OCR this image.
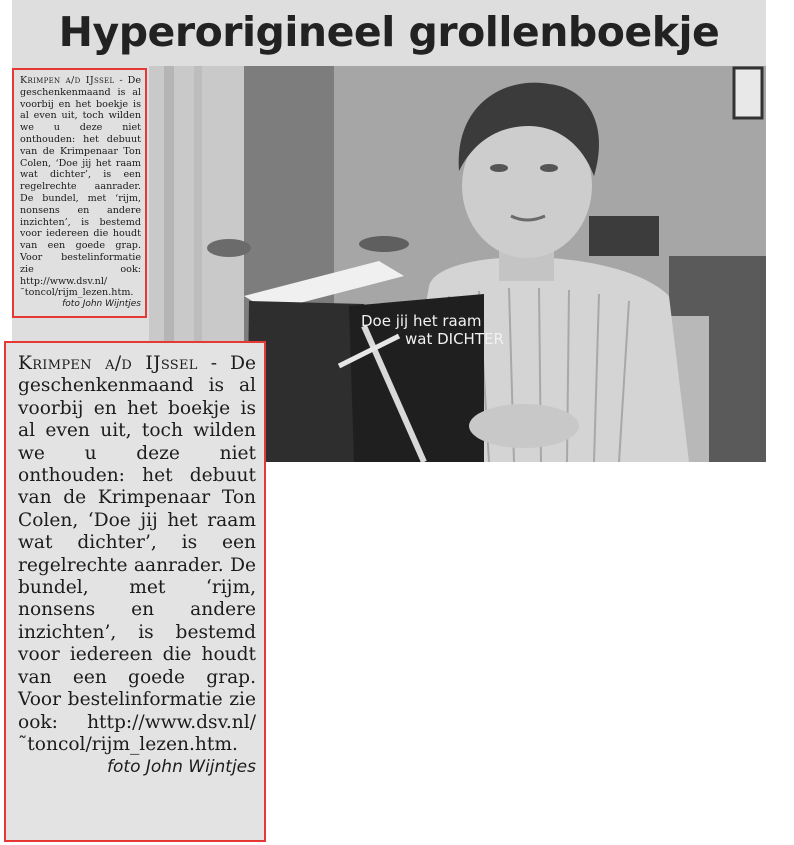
Hyperorigineel grollenboekje
Krimpen a/d IJssel - De geschenkenmaand is al voorbij en het boekje is al even uit, toch wilden we u deze niet onthouden: het debuut van de Krimpenaar Ton Colen, ‘Doe jij het raam wat dichter’, is een regelrechte aanrader. De bundel, met ‘rijm, nonsens en andere inzichten’, is bestemd voor iedereen die houdt van een goede grap. Voor bestelinformatie zie ook: http://www.dsv.nl/˜toncol/rijm_lezen.htm.
foto John Wijntjes
Doe jij het raam
wat DICHTER
Krimpen a/d IJssel - De geschenkenmaand is al voorbij en het boekje is al even uit, toch wilden we u deze niet onthouden: het debuut van de Krimpenaar Ton Colen, ‘Doe jij het raam wat dichter’, is een regelrechte aanrader. De bundel, met ‘rijm, nonsens en andere inzichten’, is bestemd voor iedereen die houdt van een goede grap. Voor bestelinformatie zie ook: http://www.dsv.nl/˜toncol/rijm_lezen.htm.
foto John Wijntjes
